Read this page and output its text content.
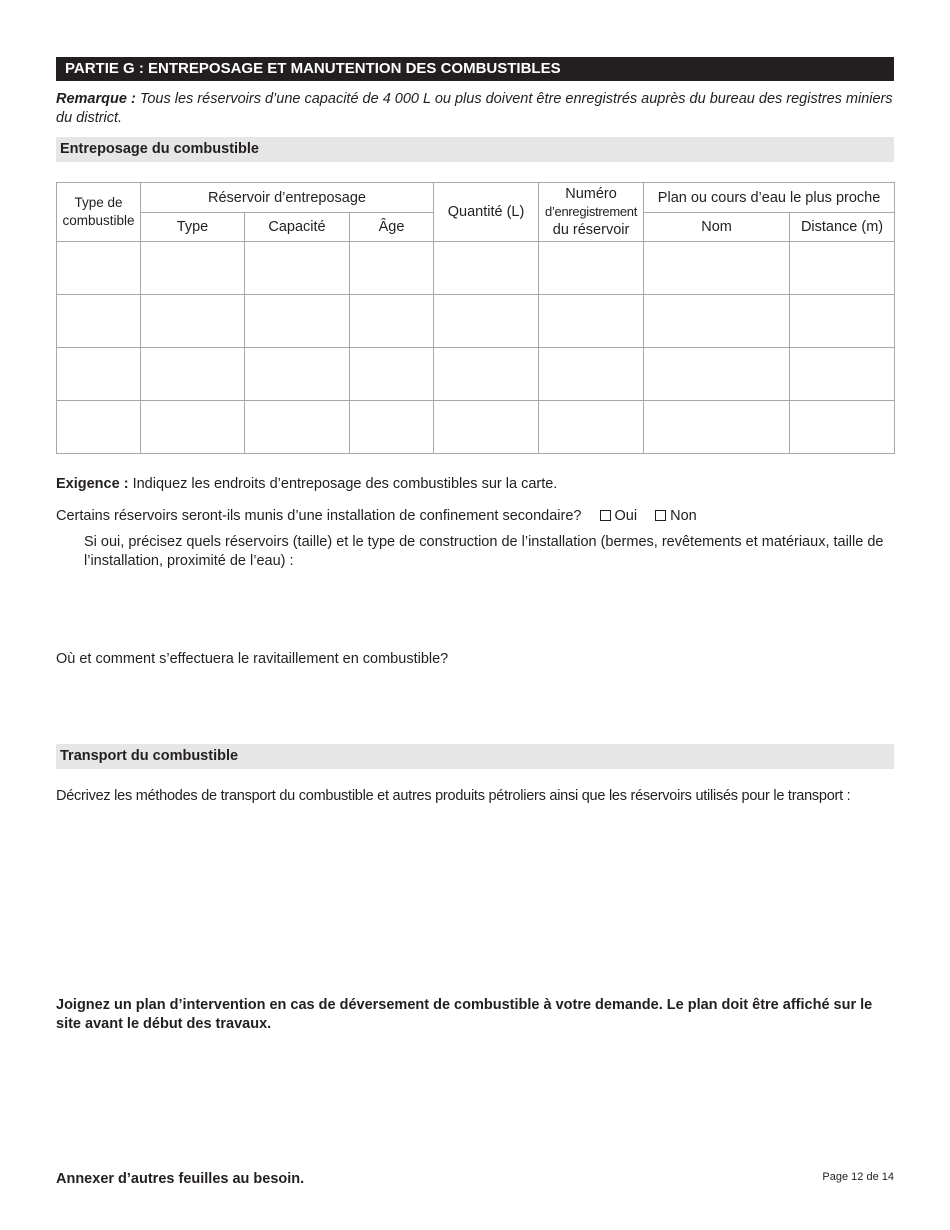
PARTIE G : ENTREPOSAGE ET MANUTENTION DES COMBUSTIBLES
Remarque : Tous les réservoirs d’une capacité de 4 000 L ou plus doivent être enregistrés auprès du bureau des registres miniers du district.
Entreposage du combustible
Type de combustible	Réservoir d’entreposage			Quantité (L)	Numéro
d’enregistrement
du réservoir	Plan ou cours d’eau le plus proche	
	Type	Capacité	Âge			Nom	Distance (m)

Exigence : Indiquez les endroits d’entreposage des combustibles sur la carte.
Certains réservoirs seront-ils munis d’une installation de confinement secondaire? Oui Non
Si oui, précisez quels réservoirs (taille) et le type de construction de l’installation (bermes, revêtements et matériaux, taille de l’installation, proximité de l’eau) :
Où et comment s’effectuera le ravitaillement en combustible?
Transport du combustible
Décrivez les méthodes de transport du combustible et autres produits pétroliers ainsi que les réservoirs utilisés pour le transport :
Joignez un plan d’intervention en cas de déversement de combustible à votre demande. Le plan doit être affiché sur le site avant le début des travaux.
Annexer d’autres feuilles au besoin.	Page 12 de 14
